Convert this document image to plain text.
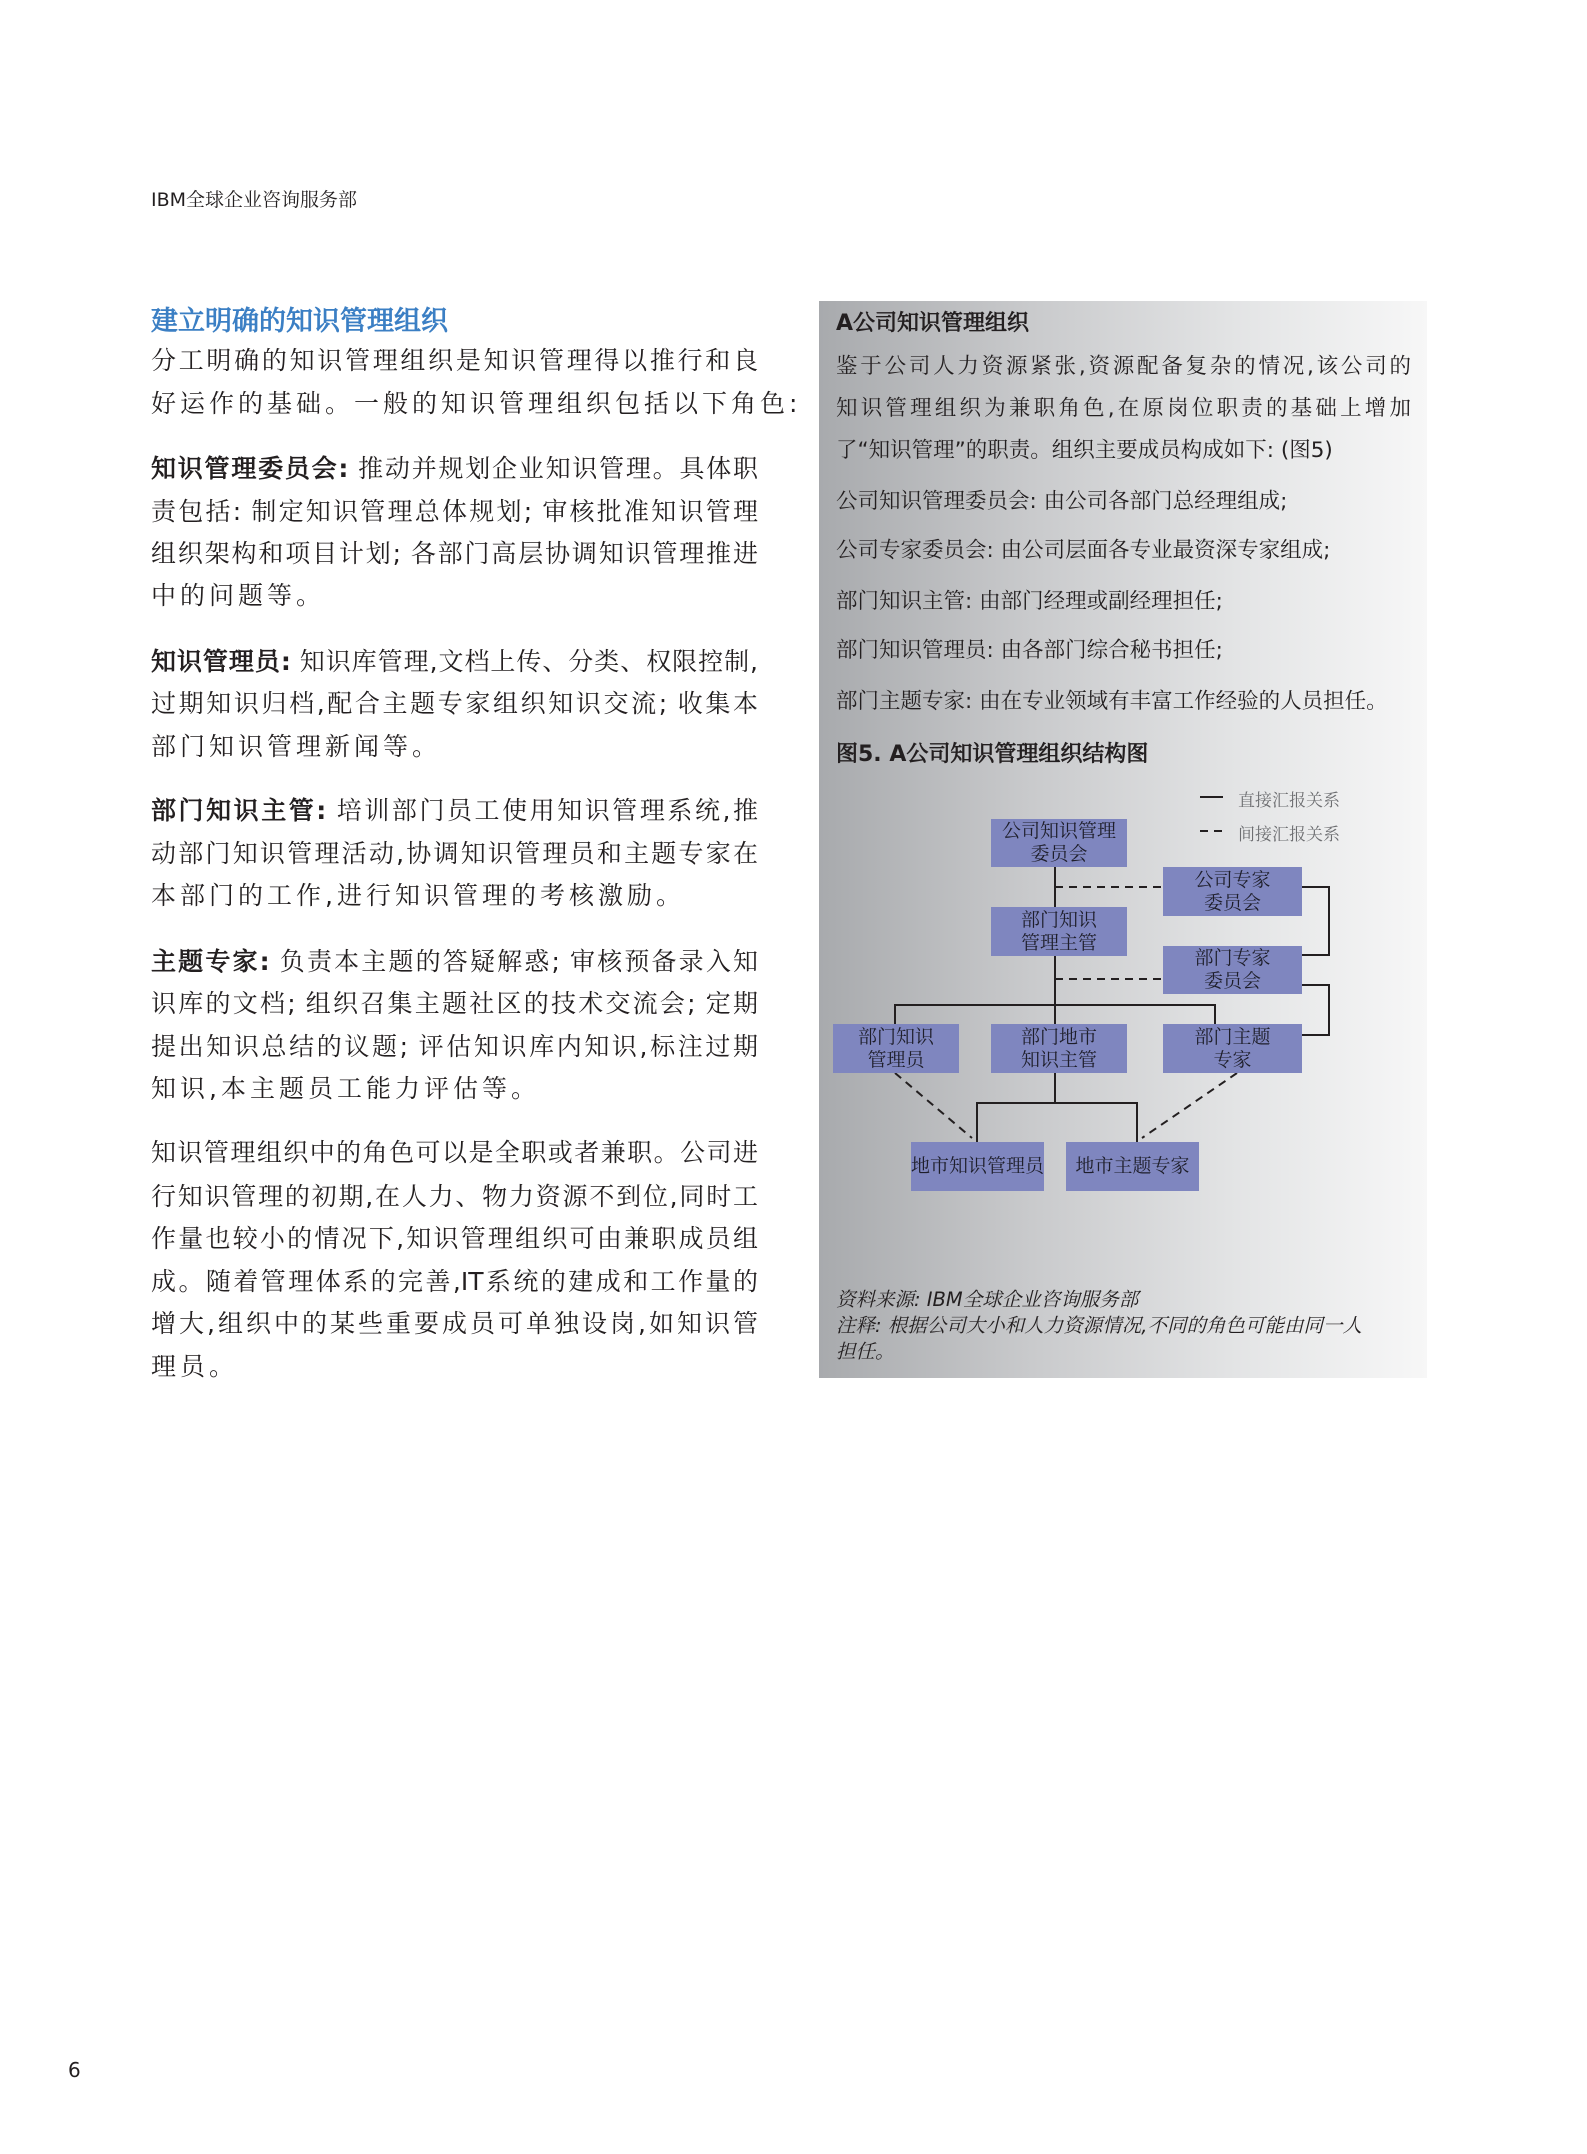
IBM全球企业咨询服务部
建立明确的知识管理组织
分工明确的知识管理组织是知识管理得以推行和良
好运作的基础。一般的知识管理组织包括以下角色:
知识管理委员会: 推动并规划企业知识管理。具体职
责包括: 制定知识管理总体规划; 审核批准知识管理
组织架构和项目计划; 各部门高层协调知识管理推进
中的问题等。
知识管理员: 知识库管理,文档上传、分类、权限控制,
过期知识归档,配合主题专家组织知识交流; 收集本
部门知识管理新闻等。
部门知识主管: 培训部门员工使用知识管理系统,推
动部门知识管理活动,协调知识管理员和主题专家在
本部门的工作,进行知识管理的考核激励。
主题专家: 负责本主题的答疑解惑; 审核预备录入知
识库的文档; 组织召集主题社区的技术交流会; 定期
提出知识总结的议题; 评估知识库内知识,标注过期
知识,本主题员工能力评估等。
知识管理组织中的角色可以是全职或者兼职。公司进
行知识管理的初期,在人力、物力资源不到位,同时工
作量也较小的情况下,知识管理组织可由兼职成员组
成。随着管理体系的完善,IT系统的建成和工作量的
增大,组织中的某些重要成员可单独设岗,如知识管
理员。
A公司知识管理组织
鉴于公司人力资源紧张,资源配备复杂的情况,该公司的
知识管理组织为兼职角色,在原岗位职责的基础上增加
了“知识管理”的职责。组织主要成员构成如下: (图5)
公司知识管理委员会: 由公司各部门总经理组成;
公司专家委员会: 由公司层面各专业最资深专家组成;
部门知识主管: 由部门经理或副经理担任;
部门知识管理员: 由各部门综合秘书担任;
部门主题专家: 由在专业领域有丰富工作经验的人员担任。
图5. A公司知识管理组织结构图
直接汇报关系
间接汇报关系
公司知识管理
委员会
公司专家
委员会
部门知识
管理主管
部门专家
委员会
部门知识
管理员
部门地市
知识主管
部门主题
专家
地市知识管理员 地市主题专家
资料来源: IBM全球企业咨询服务部
注释: 根据公司大小和人力资源情况,不同的角色可能由同一人
担任。
6
